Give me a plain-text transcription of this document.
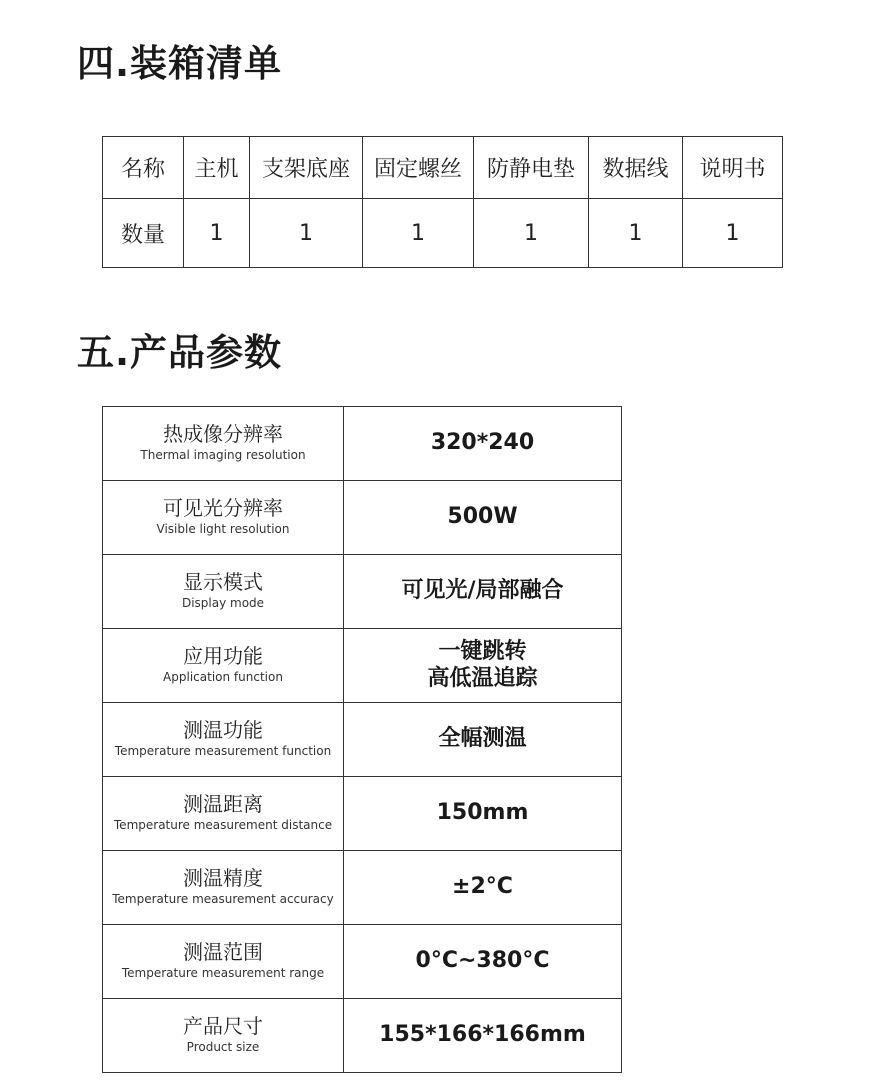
四.装箱清单
名称	主机	支架底座	固定螺丝	防静电垫	数据线	说明书
数量	1	1	1	1	1	1
五.产品参数
热成像分辨率
Thermal imaging resolution	320*240

可见光分辨率
Visible light resolution	500W

显示模式
Display mode	可见光/局部融合

应用功能
Application function	一键跳转
高低温追踪

测温功能
Temperature measurement function	全幅测温

测温距离
Temperature measurement distance	150mm

测温精度
Temperature measurement accuracy	±2°C

测温范围
Temperature measurement range	0°C~380°C

产品尺寸
Product size	155*166*166mm
